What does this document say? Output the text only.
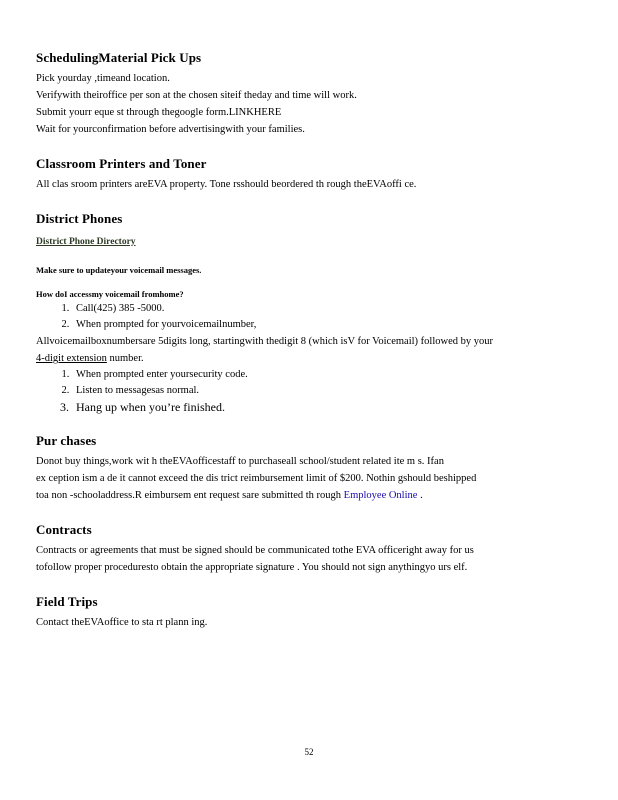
SchedulingMaterial Pick Ups
Pick yourday ,timeand location.
Verifywith theiroffice per son at the chosen siteif theday and time will work.
Submit yourr eque st through thegoogle form.LINKHERE
Wait for yourconfirmation before advertisingwith your families.
Classroom Printers and Toner
All clas sroom printers areEVA property. Tone rsshould beordered th rough theEVAoffi ce.
District Phones
District Phone Directory
Make sure to updateyour voicemail messages.
How doI accessmy voicemail fromhome?
1. Call(425) 385 -5000.
2. When prompted for yourvoicemailnumber,
Allvoicemailboxnumbersare 5digits long, startingwith thedigit 8 (which isV for Voicemail) followed by your
4-digit extension number.
1. When prompted enter yoursecurity code.
2. Listen to messagesas normal.
3. Hang up when you’re finished.
Pur chases
Donot buy things,work wit h theEVAofficestaff to purchaseall school/student related ite m s. Ifan
ex ception ism a de it cannot exceed the dis trict reimbursement limit of $200. Nothin gshould beshipped
toa non -schooladdress.R eimbursem ent request sare submitted th rough Employee Online .
Contracts
Contracts or agreements that must be signed should be communicated tothe EVA officeright away for us
tofollow proper proceduresto obtain the appropriate signature . You should not sign anythingyo urs elf.
Field Trips
Contact theEVAoffice to sta rt plann ing.
52
